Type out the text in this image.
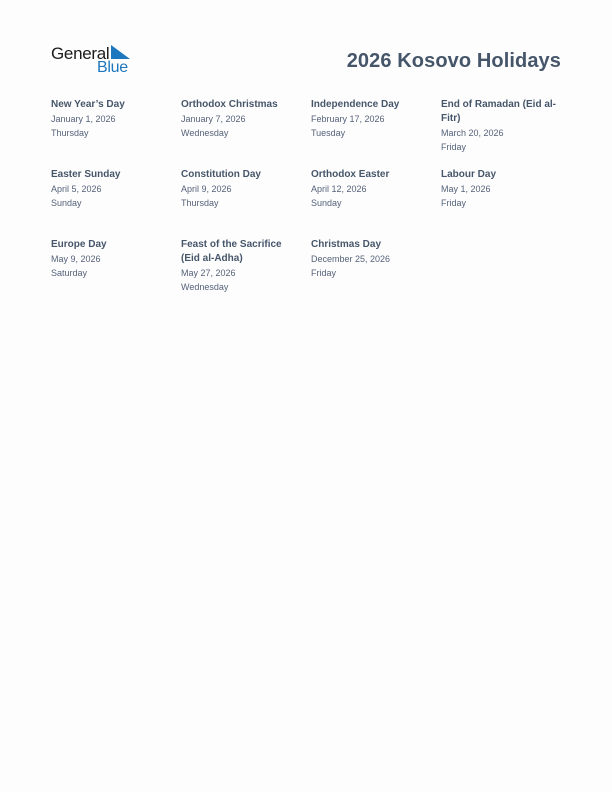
General
Blue	2026 Kosovo Holidays
New Year’s Day
January 1, 2026
Thursday
Orthodox Christmas
January 7, 2026
Wednesday
Independence Day
February 17, 2026
Tuesday
End of Ramadan (Eid al-Fitr)
March 20, 2026
Friday
Easter Sunday
April 5, 2026
Sunday
Constitution Day
April 9, 2026
Thursday
Orthodox Easter
April 12, 2026
Sunday
Labour Day
May 1, 2026
Friday
Europe Day
May 9, 2026
Saturday
Feast of the Sacrifice (Eid al-Adha)
May 27, 2026
Wednesday
Christmas Day
December 25, 2026
Friday
